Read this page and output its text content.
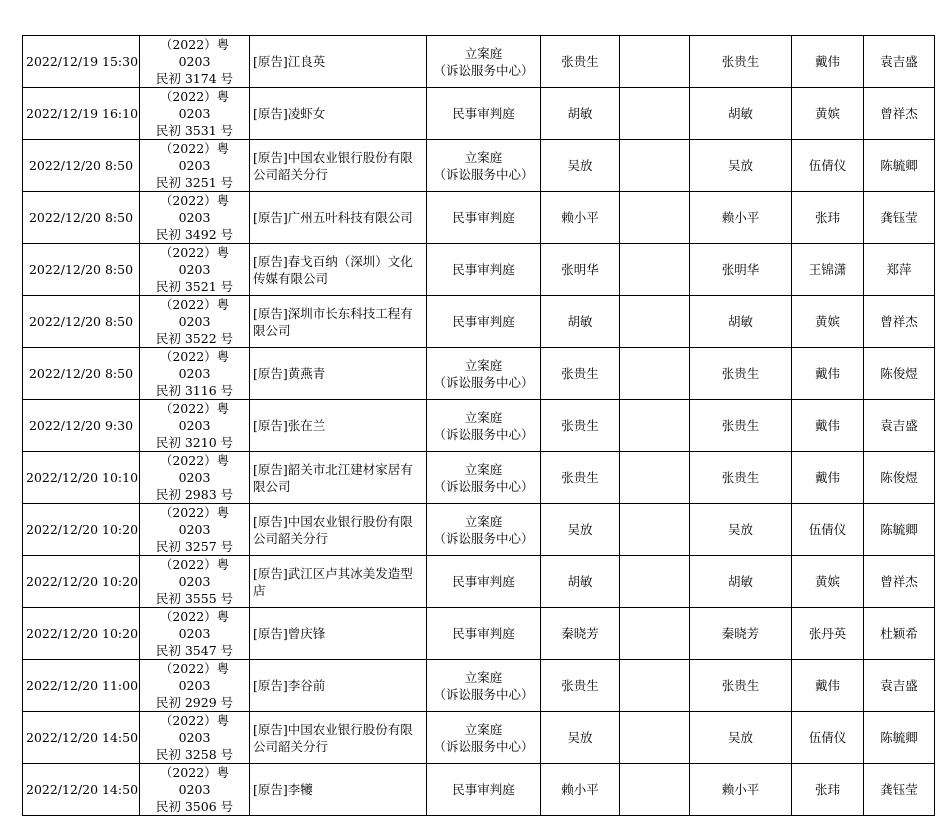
2022/12/19 15:30	（2022）粤 0203
民初 3174 号	[原告]江良英	立案庭
（诉讼服务中心）	张贵生		张贵生	戴伟	袁吉盛
2022/12/19 16:10	（2022）粤 0203
民初 3531 号	[原告]凌虾女	民事审判庭	胡敏		胡敏	黄嫔	曾祥杰
2022/12/20 8:50	（2022）粤 0203
民初 3251 号	[原告]中国农业银行股份有限公司韶关分行	立案庭
（诉讼服务中心）	吴放		吴放	伍倩仪	陈毓卿
2022/12/20 8:50	（2022）粤 0203
民初 3492 号	[原告]广州五叶科技有限公司	民事审判庭	赖小平		赖小平	张玮	龚钰莹
2022/12/20 8:50	（2022）粤 0203
民初 3521 号	[原告]春戈百纳（深圳）文化传媒有限公司	民事审判庭	张明华		张明华	王锦潇	郑萍
2022/12/20 8:50	（2022）粤 0203
民初 3522 号	[原告]深圳市长东科技工程有限公司	民事审判庭	胡敏		胡敏	黄嫔	曾祥杰
2022/12/20 8:50	（2022）粤 0203
民初 3116 号	[原告]黄燕青	立案庭
（诉讼服务中心）	张贵生		张贵生	戴伟	陈俊煜
2022/12/20 9:30	（2022）粤 0203
民初 3210 号	[原告]张在兰	立案庭
（诉讼服务中心）	张贵生		张贵生	戴伟	袁吉盛
2022/12/20 10:10	（2022）粤 0203
民初 2983 号	[原告]韶关市北江建材家居有限公司	立案庭
（诉讼服务中心）	张贵生		张贵生	戴伟	陈俊煜
2022/12/20 10:20	（2022）粤 0203
民初 3257 号	[原告]中国农业银行股份有限公司韶关分行	立案庭
（诉讼服务中心）	吴放		吴放	伍倩仪	陈毓卿
2022/12/20 10:20	（2022）粤 0203
民初 3555 号	[原告]武江区卢其冰美发造型店	民事审判庭	胡敏		胡敏	黄嫔	曾祥杰
2022/12/20 10:20	（2022）粤 0203
民初 3547 号	[原告]曾庆锋	民事审判庭	秦晓芳		秦晓芳	张丹英	杜颖希
2022/12/20 11:00	（2022）粤 0203
民初 2929 号	[原告]李谷前	立案庭
（诉讼服务中心）	张贵生		张贵生	戴伟	袁吉盛
2022/12/20 14:50	（2022）粤 0203
民初 3258 号	[原告]中国农业银行股份有限公司韶关分行	立案庭
（诉讼服务中心）	吴放		吴放	伍倩仪	陈毓卿
2022/12/20 14:50	（2022）粤 0203
民初 3506 号	[原告]李犪	民事审判庭	赖小平		赖小平	张玮	龚钰莹
